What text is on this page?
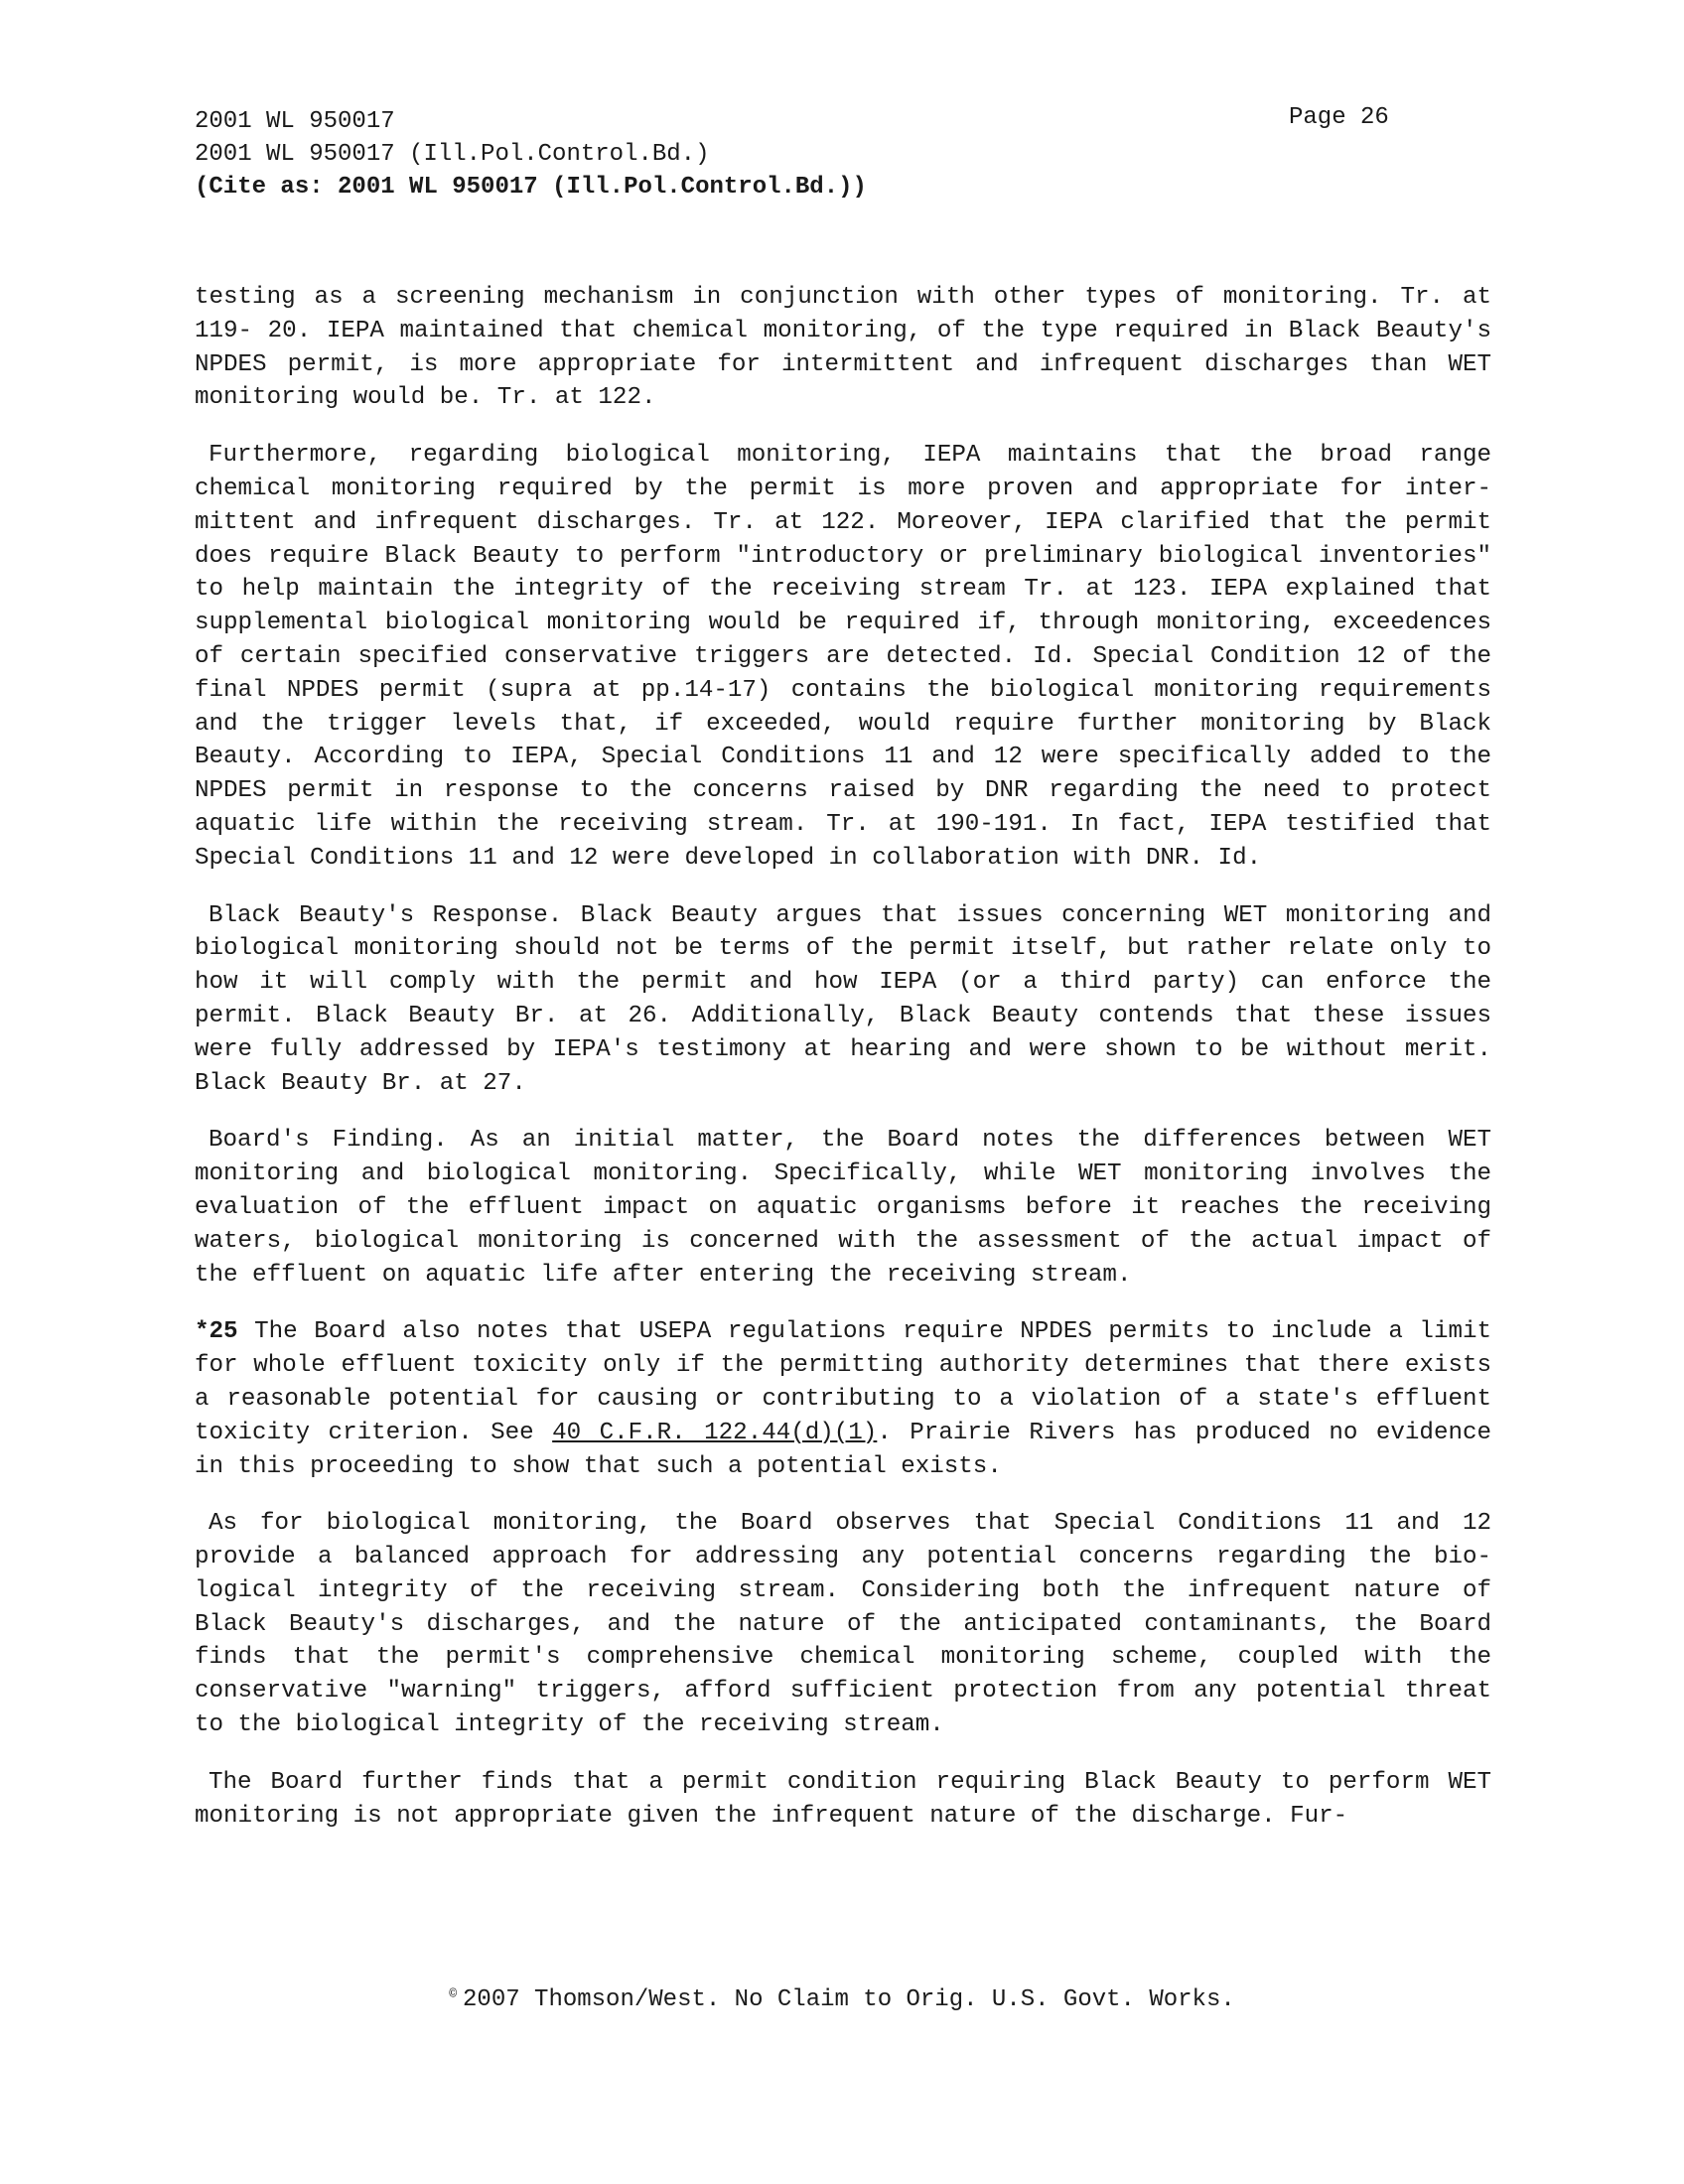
2001 WL 950017
2001 WL 950017 (Ill.Pol.Control.Bd.)
(Cite as: 2001 WL 950017 (Ill.Pol.Control.Bd.))
Page 26

testing as a screening mechanism in conjunction with other types of monitoring. Tr. at 119- 20. IEPA maintained that chemical monitoring, of the type required in Black Beauty's NPDES permit, is more appropriate for intermittent and infrequent discharges than WET monitoring would be. Tr. at 122.

Furthermore, regarding biological monitoring, IEPA maintains that the broad range chemical monitoring required by the permit is more proven and appropriate for intermittent and infrequent discharges. Tr. at 122. Moreover, IEPA clarified that the permit does require Black Beauty to perform "introductory or preliminary biological inventories" to help maintain the integrity of the receiving stream Tr. at 123. IEPA explained that supplemental biological monitoring would be required if, through monitoring, exceedences of certain specified conservative triggers are detected. Id. Special Condition 12 of the final NPDES permit (supra at pp.14-17) contains the biological monitoring requirements and the trigger levels that, if exceeded, would require further monitoring by Black Beauty. According to IEPA, Special Conditions 11 and 12 were specifically added to the NPDES permit in response to the concerns raised by DNR regarding the need to protect aquatic life within the receiving stream. Tr. at 190-191. In fact, IEPA testified that Special Conditions 11 and 12 were developed in collaboration with DNR. Id.

Black Beauty's Response. Black Beauty argues that issues concerning WET monitoring and biological monitoring should not be terms of the permit itself, but rather relate only to how it will comply with the permit and how IEPA (or a third party) can enforce the permit. Black Beauty Br. at 26. Additionally, Black Beauty contends that these issues were fully addressed by IEPA's testimony at hearing and were shown to be without merit. Black Beauty Br. at 27.

Board's Finding. As an initial matter, the Board notes the differences between WET monitoring and biological monitoring. Specifically, while WET monitoring involves the evaluation of the effluent impact on aquatic organisms before it reaches the receiving waters, biological monitoring is concerned with the assessment of the actual impact of the effluent on aquatic life after entering the receiving stream.

*25 The Board also notes that USEPA regulations require NPDES permits to include a limit for whole effluent toxicity only if the permitting authority determines that there exists a reasonable potential for causing or contributing to a violation of a state's effluent toxicity criterion. See 40 C.F.R. 122.44(d)(1). Prairie Rivers has produced no evidence in this proceeding to show that such a potential exists.

As for biological monitoring, the Board observes that Special Conditions 11 and 12 provide a balanced approach for addressing any potential concerns regarding the biological integrity of the receiving stream. Considering both the infrequent nature of Black Beauty's discharges, and the nature of the anticipated contaminants, the Board finds that the permit's comprehensive chemical monitoring scheme, coupled with the conservative "warning" triggers, afford sufficient protection from any potential threat to the biological integrity of the receiving stream.

The Board further finds that a permit condition requiring Black Beauty to perform WET monitoring is not appropriate given the infrequent nature of the discharge. Fur-

© 2007 Thomson/West. No Claim to Orig. U.S. Govt. Works.
